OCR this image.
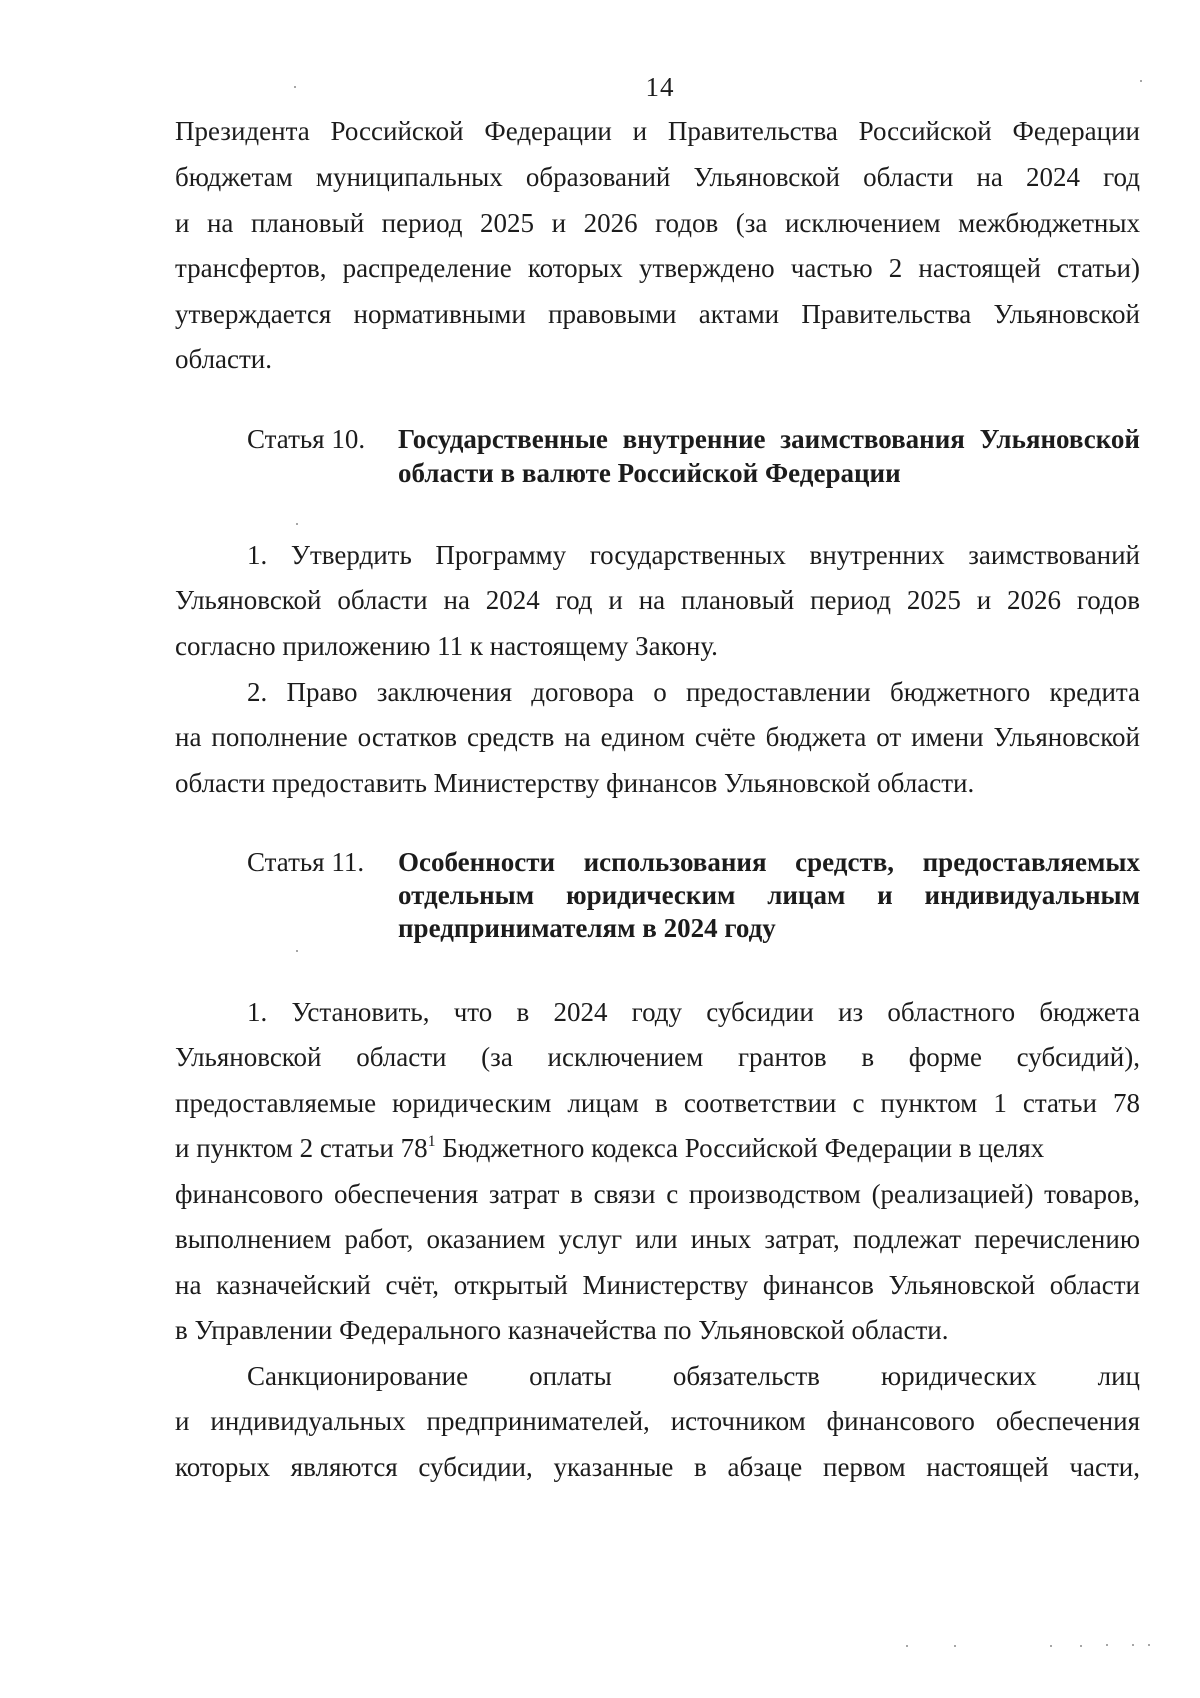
14
Президента Российской Федерации и Правительства Российской Федерации
бюджетам муниципальных образований Ульяновской области на 2024 год
и на плановый период 2025 и 2026 годов (за исключением межбюджетных
трансфертов, распределение которых утверждено частью 2 настоящей статьи)
утверждается нормативными правовыми актами Правительства Ульяновской
области.
Статья 10. Государственные внутренние заимствования Ульяновской
области в валюте Российской Федерации
1. Утвердить Программу государственных внутренних заимствований
Ульяновской области на 2024 год и на плановый период 2025 и 2026 годов
согласно приложению 11 к настоящему Закону.
2. Право заключения договора о предоставлении бюджетного кредита
на пополнение остатков средств на едином счёте бюджета от имени Ульяновской
области предоставить Министерству финансов Ульяновской области.
Статья 11. Особенности использования средств, предоставляемых
отдельным юридическим лицам и индивидуальным
предпринимателям в 2024 году
1. Установить, что в 2024 году субсидии из областного бюджета
Ульяновской области (за исключением грантов в форме субсидий),
предоставляемые юридическим лицам в соответствии с пунктом 1 статьи 78
и пунктом 2 статьи $78^1$ Бюджетного кодекса Российской Федерации в целях
финансового обеспечения затрат в связи с производством (реализацией) товаров,
выполнением работ, оказанием услуг или иных затрат, подлежат перечислению
на казначейский счёт, открытый Министерству финансов Ульяновской области
в Управлении Федерального казначейства по Ульяновской области.
Санкционирование оплаты обязательств юридических лиц
и индивидуальных предпринимателей, источником финансового обеспечения
которых являются субсидии, указанные в абзаце первом настоящей части,
